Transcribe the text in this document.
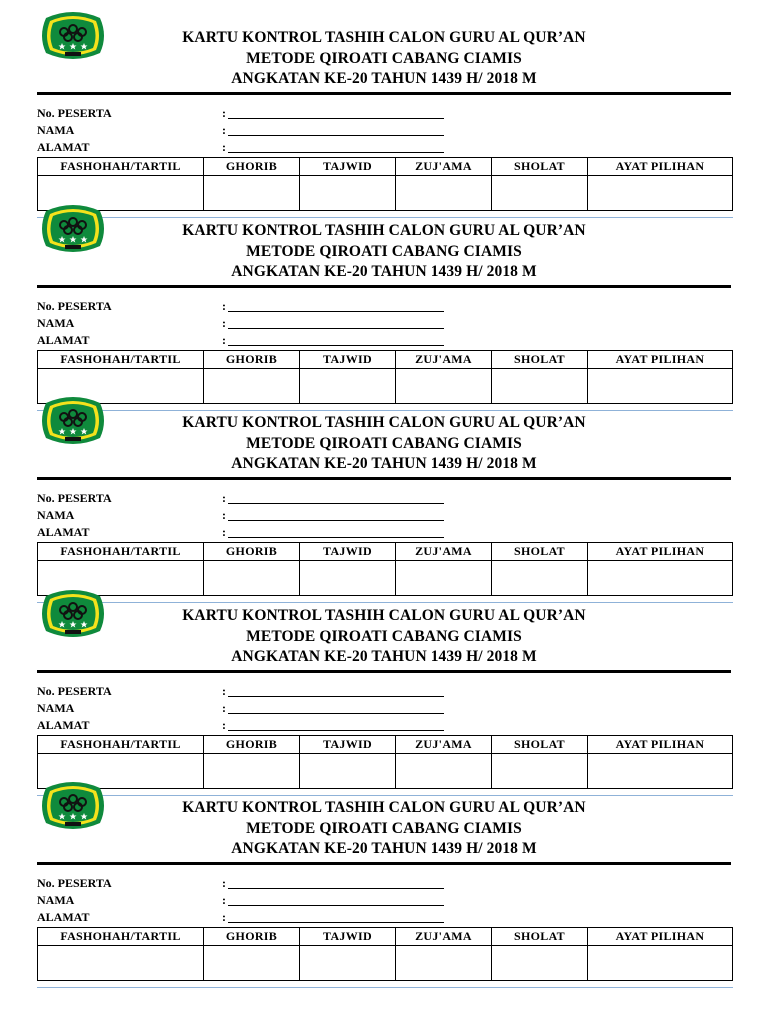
KARTU KONTROL TASHIH CALON GURU AL QUR’AN
METODE QIROATI CABANG CIAMIS
ANGKATAN KE-20 TAHUN 1439 H/ 2018 M
No. PESERTA	:
NAMA	:
ALAMAT	:
FASHOHAH/TARTIL	GHORIB	TAJWID	ZUJ'AMA	SHOLAT	AYAT PILIHAN

KARTU KONTROL TASHIH CALON GURU AL QUR’AN
METODE QIROATI CABANG CIAMIS
ANGKATAN KE-20 TAHUN 1439 H/ 2018 M
No. PESERTA	:
NAMA	:
ALAMAT	:
FASHOHAH/TARTIL	GHORIB	TAJWID	ZUJ'AMA	SHOLAT	AYAT PILIHAN

KARTU KONTROL TASHIH CALON GURU AL QUR’AN
METODE QIROATI CABANG CIAMIS
ANGKATAN KE-20 TAHUN 1439 H/ 2018 M
No. PESERTA	:
NAMA	:
ALAMAT	:
FASHOHAH/TARTIL	GHORIB	TAJWID	ZUJ'AMA	SHOLAT	AYAT PILIHAN

KARTU KONTROL TASHIH CALON GURU AL QUR’AN
METODE QIROATI CABANG CIAMIS
ANGKATAN KE-20 TAHUN 1439 H/ 2018 M
No. PESERTA	:
NAMA	:
ALAMAT	:
FASHOHAH/TARTIL	GHORIB	TAJWID	ZUJ'AMA	SHOLAT	AYAT PILIHAN

KARTU KONTROL TASHIH CALON GURU AL QUR’AN
METODE QIROATI CABANG CIAMIS
ANGKATAN KE-20 TAHUN 1439 H/ 2018 M
No. PESERTA	:
NAMA	:
ALAMAT	:
FASHOHAH/TARTIL	GHORIB	TAJWID	ZUJ'AMA	SHOLAT	AYAT PILIHAN
